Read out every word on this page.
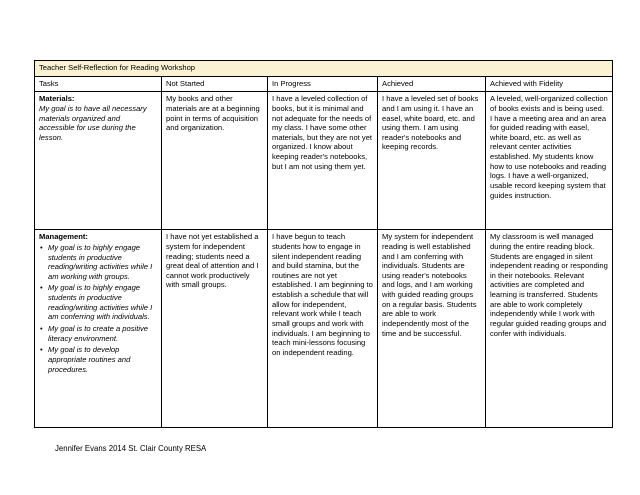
Teacher Self-Reflection for Reading Workshop				
Tasks	Not Started	In Progress	Achieved	Achieved with Fidelity

Materials:
My goal is to have all necessary materials organized and accessible for use during the lesson.
	My books and other materials are at a beginning point in terms of acquisition and organization.	I have a leveled collection of books, but it is minimal and not adequate for the needs of my class. I have some other materials, but they are not yet organized. I know about keeping reader's notebooks, but I am not using them yet.	I have a leveled set of books and I am using it. I have an easel, white board, etc. and using them. I am using reader's notebooks and keeping records.	A leveled, well-organized collection of books exists and is being used. I have a meeting area and an area for guided reading with easel, white board, etc. as well as relevant center activities established. My students know how to use notebooks and reading logs. I have a well-organized, usable record keeping system that guides instruction.

Management:
• My goal is to highly engage students in productive reading/writing activities while I am working with groups.
• My goal is to highly engage students in productive reading/writing activities while I am conferring with individuals.
• My goal is to create a positive literacy environment.
• My goal is to develop appropriate routines and procedures.
	I have not yet established a system for independent reading; students need a great deal of attention and I cannot work productively with small groups.	I have begun to teach students how to engage in silent independent reading and build stamina, but the routines are not yet established. I am beginning to establish a schedule that will allow for independent, relevant work while I teach small groups and work with individuals. I am beginning to teach mini-lessons focusing on independent reading.	My system for independent reading is well established and I am conferring with individuals. Students are using reader's notebooks and logs, and I am working with guided reading groups on a regular basis. Students are able to work independently most of the time and be successful.	My classroom is well managed during the entire reading block. Students are engaged in silent independent reading or responding in their notebooks. Relevant activities are completed and learning is transferred. Students are able to work completely independently while I work with regular guided reading groups and confer with individuals.
Jennifer Evans 2014 St. Clair County RESA
